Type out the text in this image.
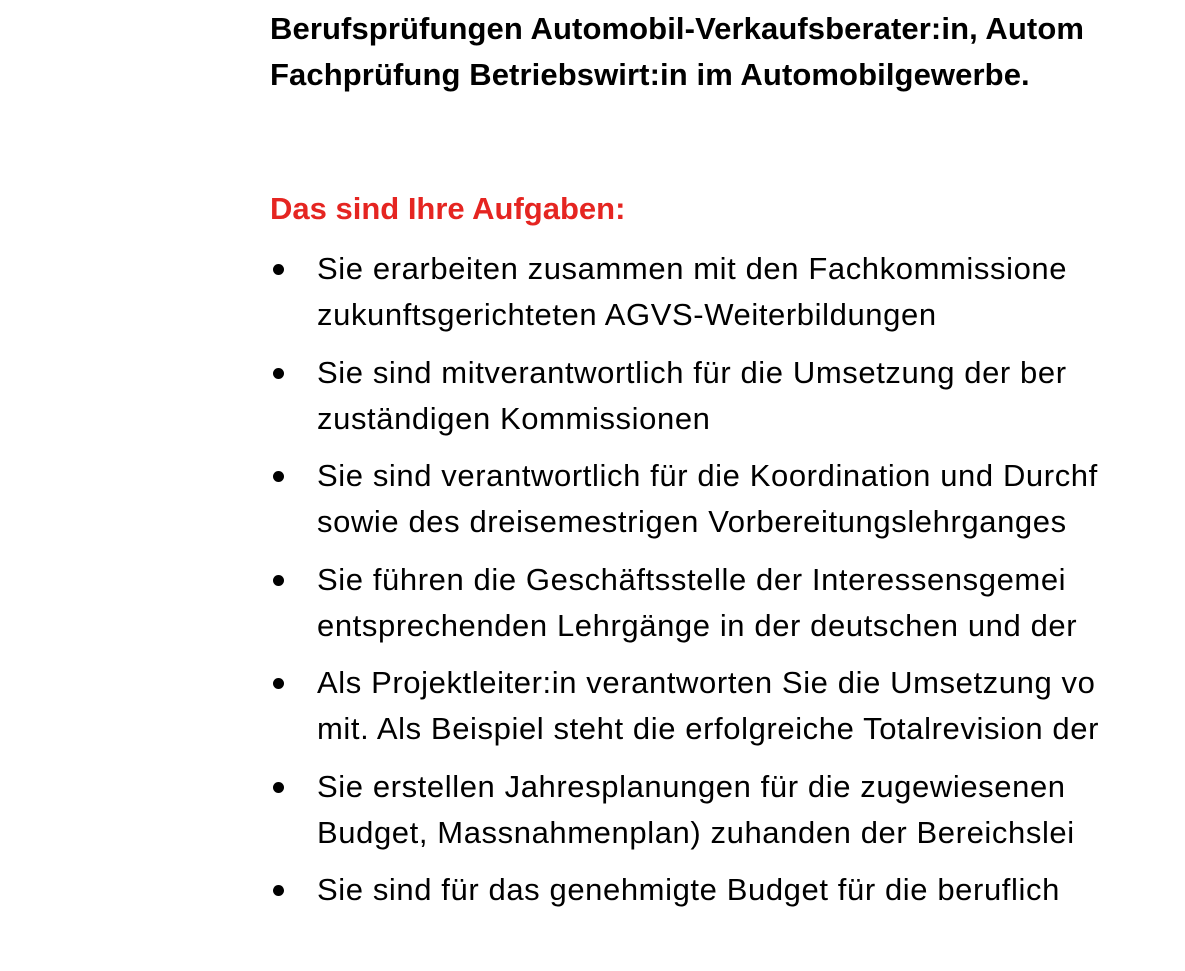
Berufsprüfungen Automobil-Verkaufsberater:in, Autom
Fachprüfung Betriebswirt:in im Automobilgewerbe.
Das sind Ihre Aufgaben:
Sie erarbeiten zusammen mit den Fachkommissione
zukunftsgerichteten AGVS-Weiterbildungen
Sie sind mitverantwortlich für die Umsetzung der ber
zuständigen Kommissionen
Sie sind verantwortlich für die Koordination und Durchf
sowie des dreisemestrigen Vorbereitungslehrganges
Sie führen die Geschäftsstelle der Interessensgemei
entsprechenden Lehrgänge in der deutschen und der
Als Projektleiter:in verantworten Sie die Umsetzung vo
mit. Als Beispiel steht die erfolgreiche Totalrevision der
Sie erstellen Jahresplanungen für die zugewiesenen
Budget, Massnahmenplan) zuhanden der Bereichslei
Sie sind für das genehmigte Budget für die beruflich
